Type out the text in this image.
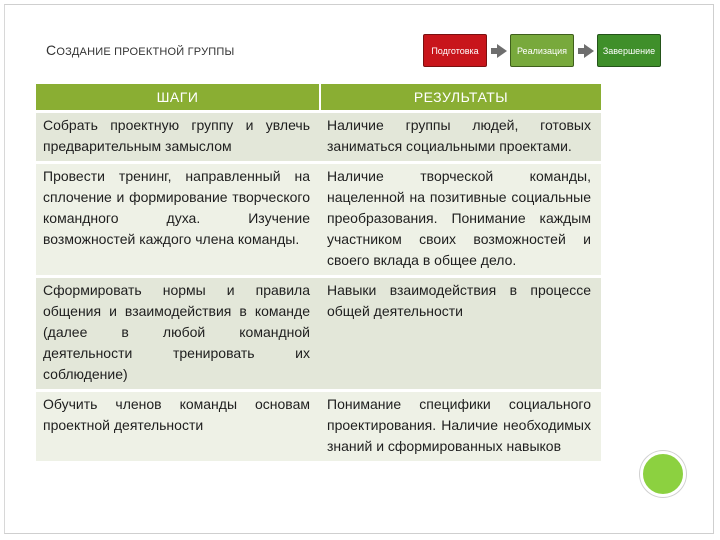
СОЗДАНИЕ ПРОЕКТНОЙ ГРУППЫ	Подготовка	Реализация	Завершение
ШАГИ	РЕЗУЛЬТАТЫ
Собрать проектную группу и увлечь предварительным замыслом	Наличие группы людей, готовых заниматься социальными проектами.
Провести тренинг, направленный на сплочение и формирование творческого командного духа. Изучение возможностей каждого члена команды.	Наличие творческой команды, нацеленной на позитивные социальные преобразования. Понимание каждым участником своих возможностей и своего вклада в общее дело.
Сформировать нормы и правила общения и взаимодействия в команде (далее в любой командной деятельности тренировать их соблюдение)	Навыки взаимодействия в процессе общей деятельности
Обучить членов команды основам проектной деятельности	Понимание специфики социального проектирования. Наличие необходимых знаний и сформированных навыков
